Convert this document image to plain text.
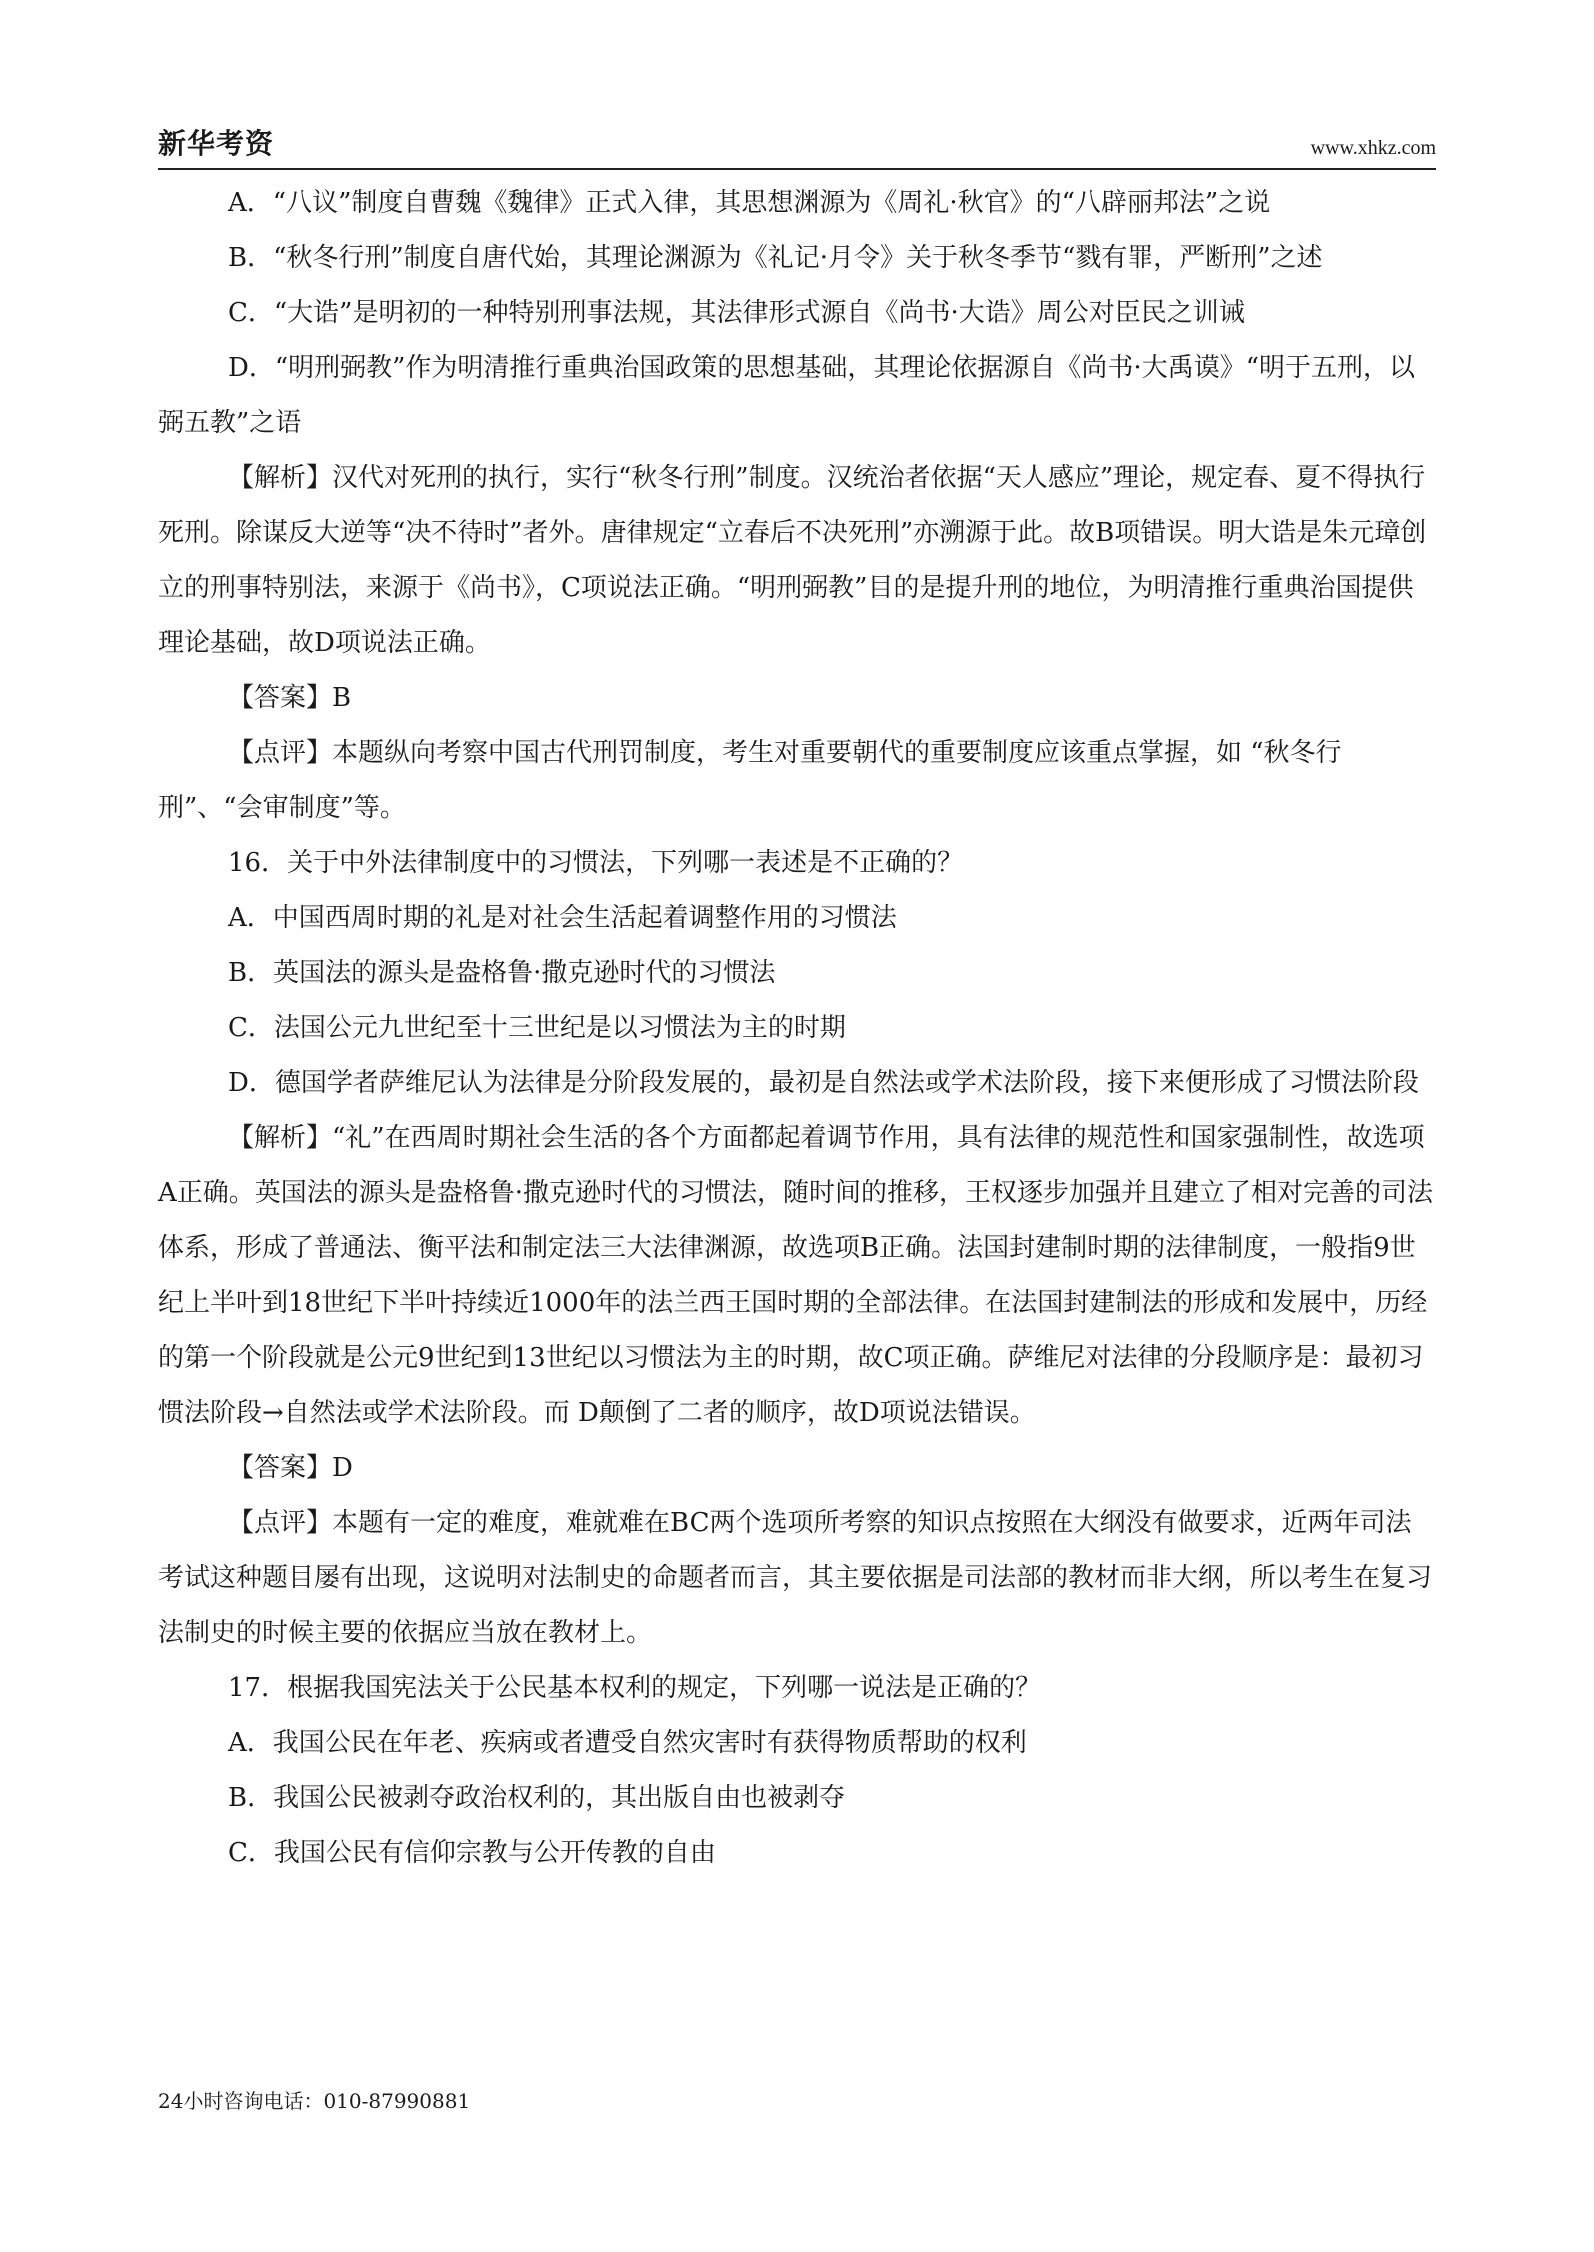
新华考资	www.xhkz.com

A．“八议”制度自曹魏《魏律》正式入律，其思想渊源为《周礼·秋官》的“八辟丽邦法”之说

B．“秋冬行刑”制度自唐代始，其理论渊源为《礼记·月令》关于秋冬季节“戮有罪，严断刑”之述

C．“大诰”是明初的一种特别刑事法规，其法律形式源自《尚书·大诰》周公对臣民之训诫

D．“明刑弼教”作为明清推行重典治国政策的思想基础，其理论依据源自《尚书·大禹谟》“明于五刑，以弼五教”之语

【解析】汉代对死刑的执行，实行“秋冬行刑”制度。汉统治者依据“天人感应”理论，规定春、夏不得执行死刑。除谋反大逆等“决不待时”者外。唐律规定“立春后不决死刑”亦溯源于此。故B项错误。明大诰是朱元璋创立的刑事特别法，来源于《尚书》，C项说法正确。“明刑弼教”目的是提升刑的地位，为明清推行重典治国提供理论基础，故D项说法正确。

【答案】B

【点评】本题纵向考察中国古代刑罚制度，考生对重要朝代的重要制度应该重点掌握，如 “秋冬行刑”、“会审制度”等。

16．关于中外法律制度中的习惯法，下列哪一表述是不正确的？

A．中国西周时期的礼是对社会生活起着调整作用的习惯法

B．英国法的源头是盎格鲁·撒克逊时代的习惯法

C．法国公元九世纪至十三世纪是以习惯法为主的时期

D．德国学者萨维尼认为法律是分阶段发展的，最初是自然法或学术法阶段，接下来便形成了习惯法阶段

【解析】“礼”在西周时期社会生活的各个方面都起着调节作用，具有法律的规范性和国家强制性，故选项A正确。英国法的源头是盎格鲁·撒克逊时代的习惯法，随时间的推移，王权逐步加强并且建立了相对完善的司法体系，形成了普通法、衡平法和制定法三大法律渊源，故选项B正确。法国封建制时期的法律制度，一般指9世纪上半叶到18世纪下半叶持续近1000年的法兰西王国时期的全部法律。在法国封建制法的形成和发展中，历经的第一个阶段就是公元9世纪到13世纪以习惯法为主的时期，故C项正确。萨维尼对法律的分段顺序是：最初习惯法阶段→自然法或学术法阶段。而 D颠倒了二者的顺序，故D项说法错误。

【答案】D

【点评】本题有一定的难度，难就难在BC两个选项所考察的知识点按照在大纲没有做要求，近两年司法考试这种题目屡有出现，这说明对法制史的命题者而言，其主要依据是司法部的教材而非大纲，所以考生在复习法制史的时候主要的依据应当放在教材上。

17．根据我国宪法关于公民基本权利的规定，下列哪一说法是正确的？

A．我国公民在年老、疾病或者遭受自然灾害时有获得物质帮助的权利

B．我国公民被剥夺政治权利的，其出版自由也被剥夺

C．我国公民有信仰宗教与公开传教的自由

24小时咨询电话：010-87990881
